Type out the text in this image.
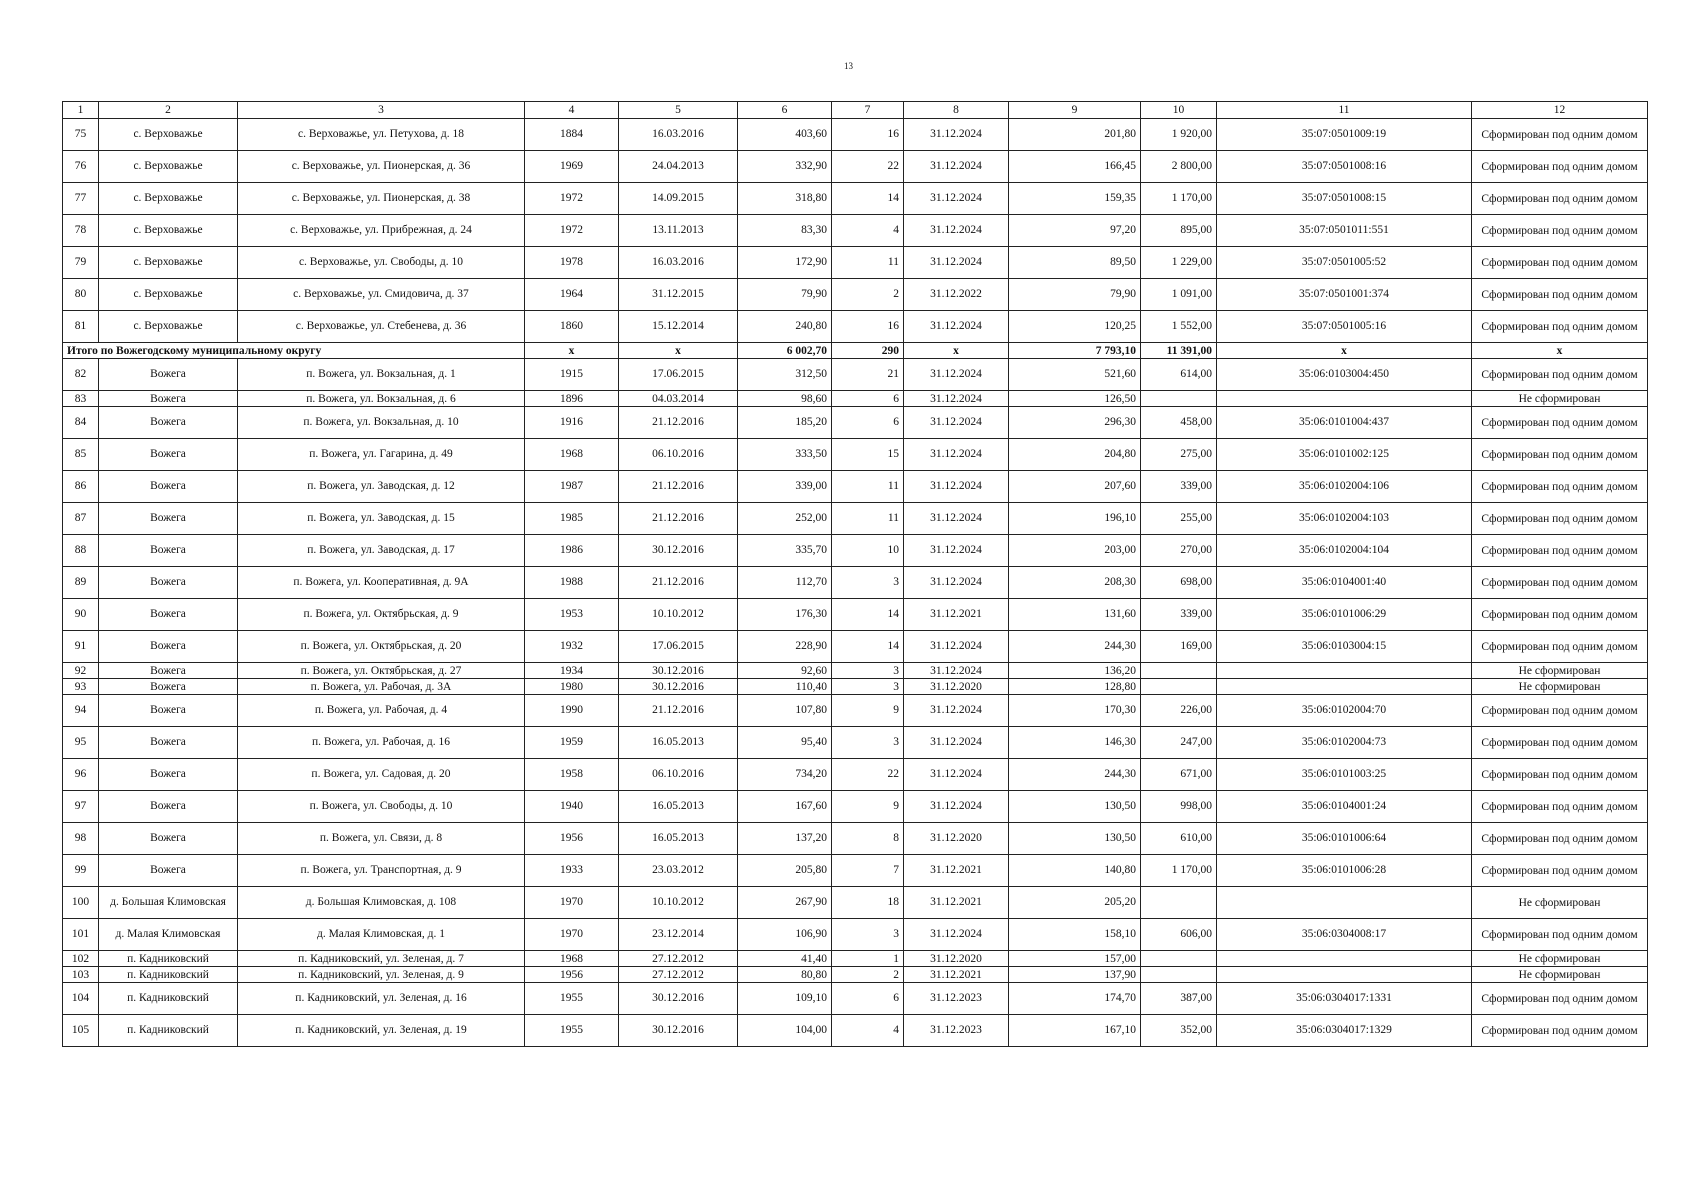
13
1	2	3	4	5	6	7	8	9	10	11	12
75	с. Верховажье	с. Верховажье, ул. Петухова, д. 18	1884	16.03.2016	403,60	16	31.12.2024	201,80	1 920,00	35:07:0501009:19	Сформирован под одним домом
76	с. Верховажье	с. Верховажье, ул. Пионерская, д. 36	1969	24.04.2013	332,90	22	31.12.2024	166,45	2 800,00	35:07:0501008:16	Сформирован под одним домом
77	с. Верховажье	с. Верховажье, ул. Пионерская, д. 38	1972	14.09.2015	318,80	14	31.12.2024	159,35	1 170,00	35:07:0501008:15	Сформирован под одним домом
78	с. Верховажье	с. Верховажье, ул. Прибрежная, д. 24	1972	13.11.2013	83,30	4	31.12.2024	97,20	895,00	35:07:0501011:551	Сформирован под одним домом
79	с. Верховажье	с. Верховажье, ул. Свободы, д. 10	1978	16.03.2016	172,90	11	31.12.2024	89,50	1 229,00	35:07:0501005:52	Сформирован под одним домом
80	с. Верховажье	с. Верховажье, ул. Смидовича, д. 37	1964	31.12.2015	79,90	2	31.12.2022	79,90	1 091,00	35:07:0501001:374	Сформирован под одним домом
81	с. Верховажье	с. Верховажье, ул. Стебенева, д. 36	1860	15.12.2014	240,80	16	31.12.2024	120,25	1 552,00	35:07:0501005:16	Сформирован под одним домом
Итого по Вожегодскому муниципальному округу			x	x	6 002,70	290	x	7 793,10	11 391,00	x	x
82	Вожега	п. Вожега, ул. Вокзальная, д. 1	1915	17.06.2015	312,50	21	31.12.2024	521,60	614,00	35:06:0103004:450	Сформирован под одним домом
83	Вожега	п. Вожега, ул. Вокзальная, д. 6	1896	04.03.2014	98,60	6	31.12.2024	126,50			Не сформирован
84	Вожега	п. Вожега, ул. Вокзальная, д. 10	1916	21.12.2016	185,20	6	31.12.2024	296,30	458,00	35:06:0101004:437	Сформирован под одним домом
85	Вожега	п. Вожега, ул. Гагарина, д. 49	1968	06.10.2016	333,50	15	31.12.2024	204,80	275,00	35:06:0101002:125	Сформирован под одним домом
86	Вожега	п. Вожега, ул. Заводская, д. 12	1987	21.12.2016	339,00	11	31.12.2024	207,60	339,00	35:06:0102004:106	Сформирован под одним домом
87	Вожега	п. Вожега, ул. Заводская, д. 15	1985	21.12.2016	252,00	11	31.12.2024	196,10	255,00	35:06:0102004:103	Сформирован под одним домом
88	Вожега	п. Вожега, ул. Заводская, д. 17	1986	30.12.2016	335,70	10	31.12.2024	203,00	270,00	35:06:0102004:104	Сформирован под одним домом
89	Вожега	п. Вожега, ул. Кооперативная, д. 9А	1988	21.12.2016	112,70	3	31.12.2024	208,30	698,00	35:06:0104001:40	Сформирован под одним домом
90	Вожега	п. Вожега, ул. Октябрьская, д. 9	1953	10.10.2012	176,30	14	31.12.2021	131,60	339,00	35:06:0101006:29	Сформирован под одним домом
91	Вожега	п. Вожега, ул. Октябрьская, д. 20	1932	17.06.2015	228,90	14	31.12.2024	244,30	169,00	35:06:0103004:15	Сформирован под одним домом
92	Вожега	п. Вожега, ул. Октябрьская, д. 27	1934	30.12.2016	92,60	3	31.12.2024	136,20			Не сформирован
93	Вожега	п. Вожега, ул. Рабочая, д. 3А	1980	30.12.2016	110,40	3	31.12.2020	128,80			Не сформирован
94	Вожега	п. Вожега, ул. Рабочая, д. 4	1990	21.12.2016	107,80	9	31.12.2024	170,30	226,00	35:06:0102004:70	Сформирован под одним домом
95	Вожега	п. Вожега, ул. Рабочая, д. 16	1959	16.05.2013	95,40	3	31.12.2024	146,30	247,00	35:06:0102004:73	Сформирован под одним домом
96	Вожега	п. Вожега, ул. Садовая, д. 20	1958	06.10.2016	734,20	22	31.12.2024	244,30	671,00	35:06:0101003:25	Сформирован под одним домом
97	Вожега	п. Вожега, ул. Свободы, д. 10	1940	16.05.2013	167,60	9	31.12.2024	130,50	998,00	35:06:0104001:24	Сформирован под одним домом
98	Вожега	п. Вожега, ул. Связи, д. 8	1956	16.05.2013	137,20	8	31.12.2020	130,50	610,00	35:06:0101006:64	Сформирован под одним домом
99	Вожега	п. Вожега, ул. Транспортная, д. 9	1933	23.03.2012	205,80	7	31.12.2021	140,80	1 170,00	35:06:0101006:28	Сформирован под одним домом
100	д. Большая Климовская	д. Большая Климовская, д. 108	1970	10.10.2012	267,90	18	31.12.2021	205,20			Не сформирован
101	д. Малая Климовская	д. Малая Климовская, д. 1	1970	23.12.2014	106,90	3	31.12.2024	158,10	606,00	35:06:0304008:17	Сформирован под одним домом
102	п. Кадниковский	п. Кадниковский, ул. Зеленая, д. 7	1968	27.12.2012	41,40	1	31.12.2020	157,00			Не сформирован
103	п. Кадниковский	п. Кадниковский, ул. Зеленая, д. 9	1956	27.12.2012	80,80	2	31.12.2021	137,90			Не сформирован
104	п. Кадниковский	п. Кадниковский, ул. Зеленая, д. 16	1955	30.12.2016	109,10	6	31.12.2023	174,70	387,00	35:06:0304017:1331	Сформирован под одним домом
105	п. Кадниковский	п. Кадниковский, ул. Зеленая, д. 19	1955	30.12.2016	104,00	4	31.12.2023	167,10	352,00	35:06:0304017:1329	Сформирован под одним домом
